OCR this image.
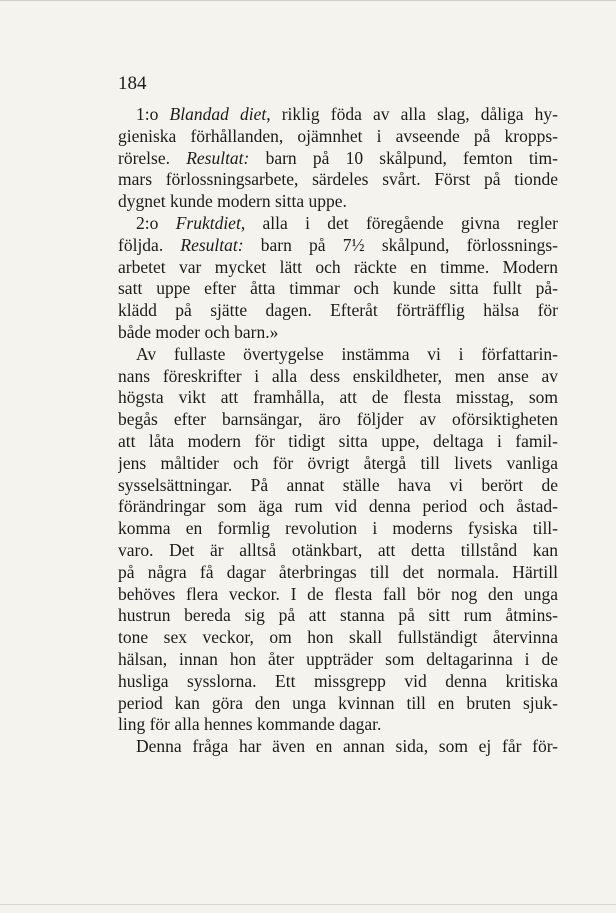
184
1:o Blandad diet, riklig föda av alla slag, dåliga hy-
gieniska förhållanden, ojämnhet i avseende på kropps-
rörelse. Resultat: barn på 10 skålpund, femton tim-
mars förlossningsarbete, särdeles svårt. Först på tionde
dygnet kunde modern sitta uppe.
2:o Fruktdiet, alla i det föregående givna regler
följda. Resultat: barn på 7½ skålpund, förlossnings-
arbetet var mycket lätt och räckte en timme. Modern
satt uppe efter åtta timmar och kunde sitta fullt på-
klädd på sjätte dagen. Efteråt förträfflig hälsa för
både moder och barn.»
Av fullaste övertygelse instämma vi i författarin-
nans föreskrifter i alla dess enskildheter, men anse av
högsta vikt att framhålla, att de flesta misstag, som
begås efter barnsängar, äro följder av oförsiktigheten
att låta modern för tidigt sitta uppe, deltaga i famil-
jens måltider och för övrigt återgå till livets vanliga
sysselsättningar. På annat ställe hava vi berört de
förändringar som äga rum vid denna period och åstad-
komma en formlig revolution i moderns fysiska till-
varo. Det är alltså otänkbart, att detta tillstånd kan
på några få dagar återbringas till det normala. Härtill
behöves flera veckor. I de flesta fall bör nog den unga
hustrun bereda sig på att stanna på sitt rum åtmins-
tone sex veckor, om hon skall fullständigt återvinna
hälsan, innan hon åter uppträder som deltagarinna i de
husliga sysslorna. Ett missgrepp vid denna kritiska
period kan göra den unga kvinnan till en bruten sjuk-
ling för alla hennes kommande dagar.
Denna fråga har även en annan sida, som ej får för-
